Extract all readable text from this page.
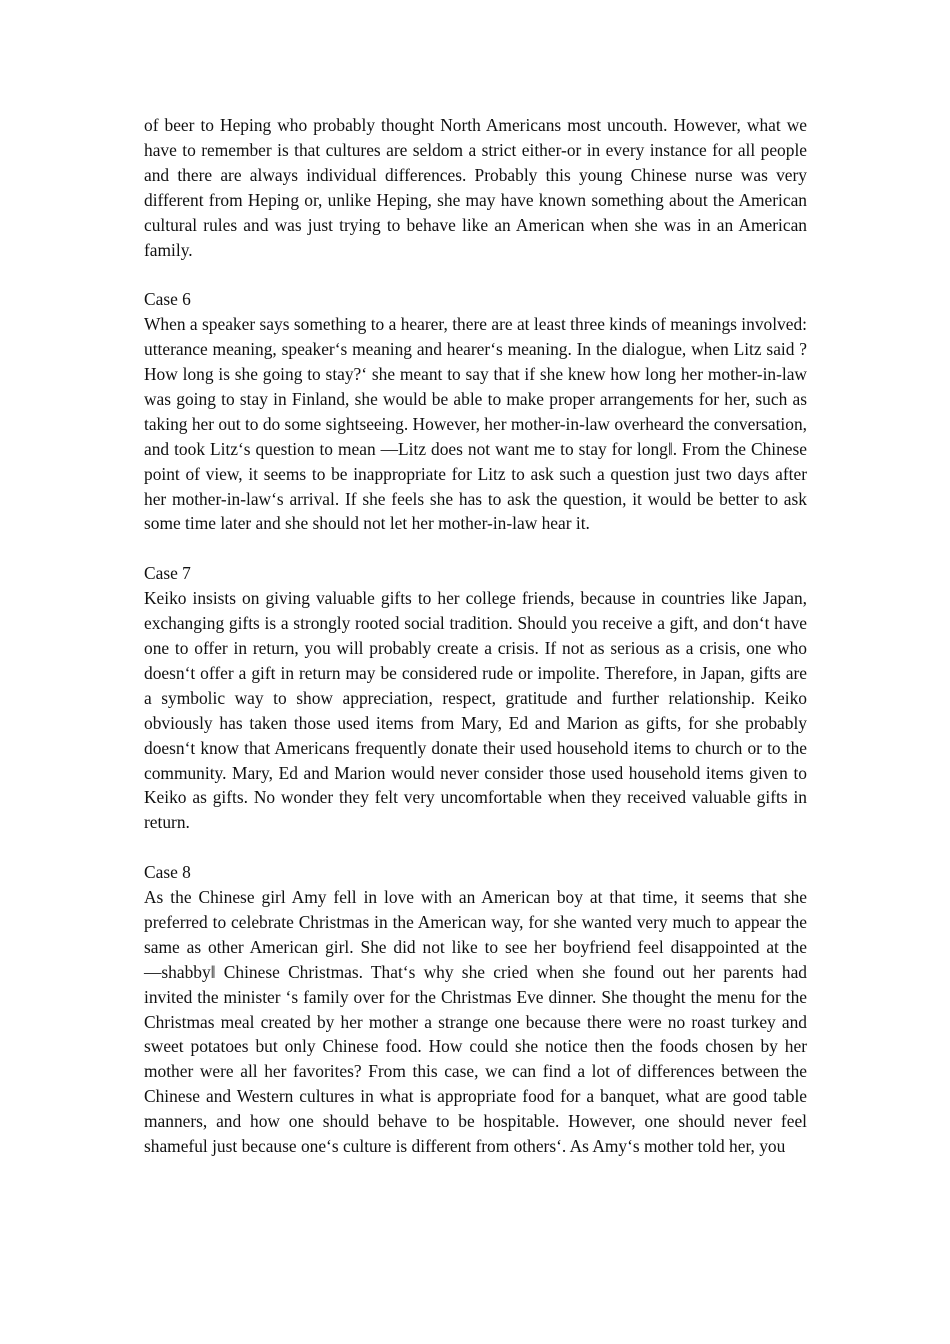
of beer to Heping who probably thought North Americans most uncouth. However, what we have to remember is that cultures are seldom a strict either-or in every instance for all people and there are always individual differences. Probably this young Chinese nurse was very different from Heping or, unlike Heping, she may have known something about the American cultural rules and was just trying to behave like an American when she was in an American family.

Case 6

When a speaker says something to a hearer, there are at least three kinds of meanings involved: utterance meaning, speaker‘s meaning and hearer‘s meaning. In the dialogue, when Litz said ?How long is she going to stay?‘ she meant to say that if she knew how long her mother-in-law was going to stay in Finland, she would be able to make proper arrangements for her, such as taking her out to do some sightseeing. However, her mother-in-law overheard the conversation, and took Litz‘s question to mean ―Litz does not want me to stay for long‖. From the Chinese point of view, it seems to be inappropriate for Litz to ask such a question just two days after her mother-in-law‘s arrival. If she feels she has to ask the question, it would be better to ask some time later and she should not let her mother-in-law hear it.

Case 7

Keiko insists on giving valuable gifts to her college friends, because in countries like Japan, exchanging gifts is a strongly rooted social tradition. Should you receive a gift, and don‘t have one to offer in return, you will probably create a crisis. If not as serious as a crisis, one who doesn‘t offer a gift in return may be considered rude or impolite. Therefore, in Japan, gifts are a symbolic way to show appreciation, respect, gratitude and further relationship. Keiko obviously has taken those used items from Mary, Ed and Marion as gifts, for she probably doesn‘t know that Americans frequently donate their used household items to church or to the community. Mary, Ed and Marion would never consider those used household items given to Keiko as gifts. No wonder they felt very uncomfortable when they received valuable gifts in return.

Case 8

As the Chinese girl Amy fell in love with an American boy at that time, it seems that she preferred to celebrate Christmas in the American way, for she wanted very much to appear the same as other American girl. She did not like to see her boyfriend feel disappointed at the ―shabby‖ Chinese Christmas. That‘s why she cried when she found out her parents had invited the minister ‘s family over for the Christmas Eve dinner. She thought the menu for the Christmas meal created by her mother a strange one because there were no roast turkey and sweet potatoes but only Chinese food. How could she notice then the foods chosen by her mother were all her favorites? From this case, we can find a lot of differences between the Chinese and Western cultures in what is appropriate food for a banquet, what are good table manners, and how one should behave to be hospitable. However, one should never feel shameful just because one‘s culture is different from others‘. As Amy‘s mother told her, you
